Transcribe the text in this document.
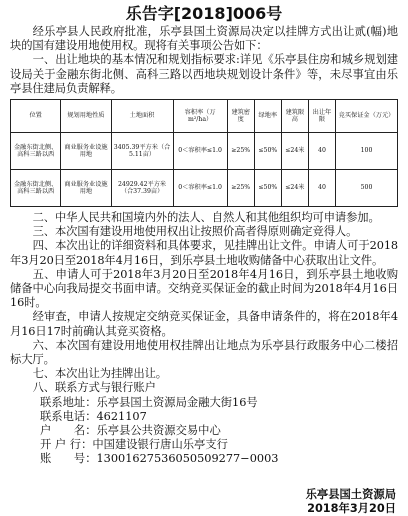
乐告字[2018]006号

经乐亭县人民政府批准，乐亭县国土资源局决定以挂牌方式出让贰(幅)地块的国有建设用地使用权。现将有关事项公告如下：

一、出让地块的基本情况和规划指标要求:详见《乐亭县住房和城乡规划建设局关于金融东街北侧、高科三路以西地块规划设计条件》等，未尽事宜由乐亭县住建局负责解释。

位置	规划用地性质	土地面积	容积率（万m²/ha）	建筑密度	绿地率	建筑限高	出让年限	竞买保证金（万元）
金融东街北侧、高科三路以西	商业服务业设施用地	3405.39平方米（合5.11亩）	0＜容积率≤1.0	≥25%	≤50%	≤24米	40	100
金融东街北侧、高科三路以西	商业服务业设施用地	24929.42平方米（合37.39亩）	0＜容积率≤1.0	≥25%	≤50%	≤24米	40	500

二、中华人民共和国境内外的法人、自然人和其他组织均可申请参加。

三、本次国有建设用地使用权出让按照价高者得原则确定竞得人。

四、本次出让的详细资料和具体要求，见挂牌出让文件。申请人可于2018年3月20日至2018年4月16日，到乐亭县土地收购储备中心获取出让文件。

五、申请人可于2018年3月20日至2018年4月16日，到乐亭县土地收购储备中心向我局提交书面申请。交纳竞买保证金的截止时间为2018年4月16日16时。

经审查，申请人按规定交纳竞买保证金，具备申请条件的，将在2018年4月16日17时前确认其竞买资格。

六、本次国有建设用地使用权挂牌出让地点为乐亭县行政服务中心二楼招标大厅。

七、本次出让为挂牌出让。

八、联系方式与银行账户

联系地址：乐亭县国土资源局金融大街16号
联系电话：4621107
户　　名：乐亭县公共资源交易中心
开 户 行：中国建设银行唐山乐亭支行
账　　号：13001627536050509277−0003
乐亭县国土资源局
2018年3月20日
